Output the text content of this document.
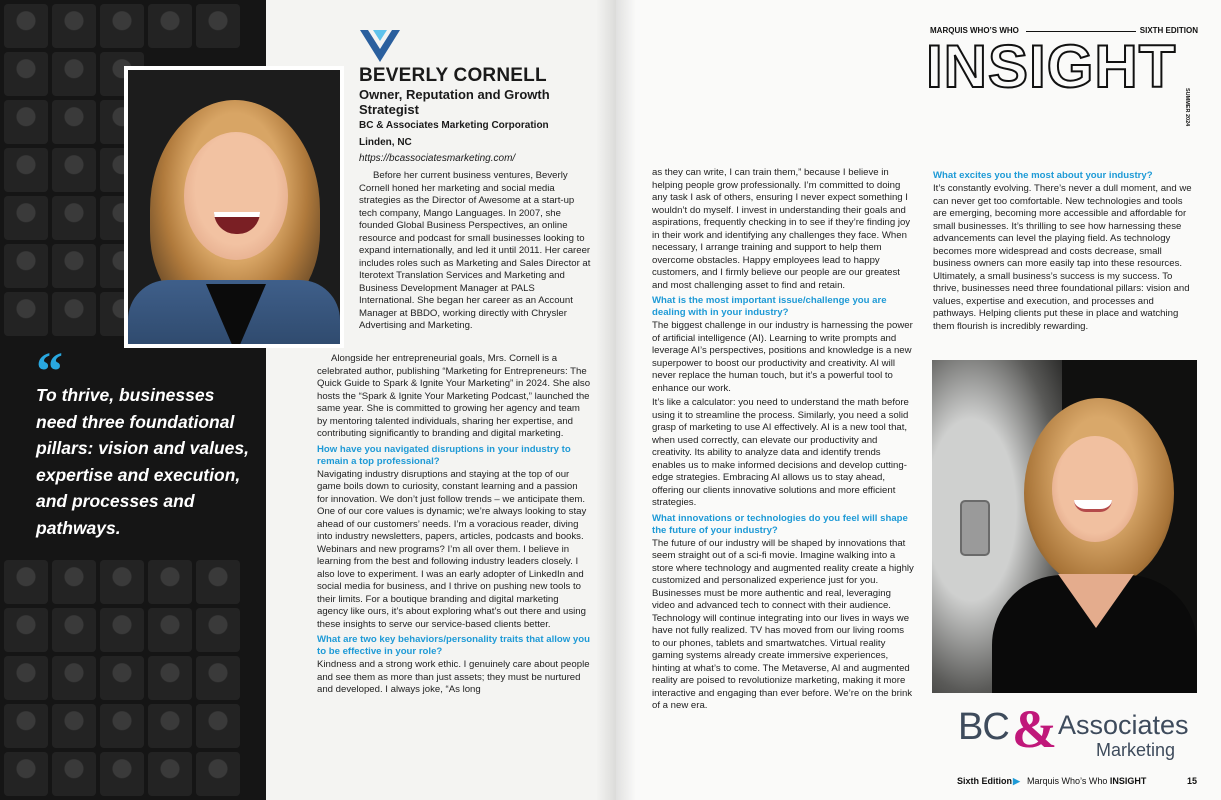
“

To thrive, businesses need three foundational pillars: vision and values, expertise and execution, and processes and pathways.

BEVERLY CORNELL
Owner, Reputation and Growth Strategist
BC & Associates Marketing Corporation
Linden, NC
https://bcassociatesmarketing.com/

Before her current business ventures, Beverly Cornell honed her marketing and social media strategies as the Director of Awesome at a start-up tech company, Mango Languages. In 2007, she founded Global Business Perspectives, an online resource and podcast for small businesses looking to expand internationally, and led it until 2011. Her career includes roles such as Marketing and Sales Director at Iterotext Translation Services and Marketing and Business Development Manager at PALS International. She began her career as an Account Manager at BBDO, working directly with Chrysler Advertising and Marketing.

Alongside her entrepreneurial goals, Mrs. Cornell is a celebrated author, publishing “Marketing for Entrepreneurs: The Quick Guide to Spark & Ignite Your Marketing” in 2024. She also hosts the “Spark & Ignite Your Marketing Podcast,” launched the same year. She is committed to growing her agency and team by mentoring talented individuals, sharing her expertise, and contributing significantly to branding and digital marketing.

How have you navigated disruptions in your industry to remain a top professional?

Navigating industry disruptions and staying at the top of our game boils down to curiosity, constant learning and a passion for innovation. We don’t just follow trends – we anticipate them. One of our core values is dynamic; we’re always looking to stay ahead of our customers’ needs. I’m a voracious reader, diving into industry newsletters, papers, articles, podcasts and books. Webinars and new programs? I’m all over them. I believe in learning from the best and following industry leaders closely. I also love to experiment. I was an early adopter of LinkedIn and social media for business, and I thrive on pushing new tools to their limits. For a boutique branding and digital marketing agency like ours, it’s about exploring what’s out there and using these insights to serve our service-based clients better.

What are two key behaviors/personality traits that allow you to be effective in your role?

Kindness and a strong work ethic. I genuinely care about people and see them as more than just assets; they must be nurtured and developed. I always joke, “As long

as they can write, I can train them,” because I believe in helping people grow professionally. I’m committed to doing any task I ask of others, ensuring I never expect something I wouldn’t do myself. I invest in understanding their goals and aspirations, frequently checking in to see if they’re finding joy in their work and identifying any challenges they face. When necessary, I arrange training and support to help them overcome obstacles. Happy employees lead to happy customers, and I firmly believe our people are our greatest and most challenging asset to find and retain.

What is the most important issue/challenge you are dealing with in your industry?

The biggest challenge in our industry is harnessing the power of artificial intelligence (AI). Learning to write prompts and leverage AI’s perspectives, positions and knowledge is a new superpower to boost our productivity and creativity. AI will never replace the human touch, but it’s a powerful tool to enhance our work.

It’s like a calculator: you need to understand the math before using it to streamline the process. Similarly, you need a solid grasp of marketing to use AI effectively. AI is a new tool that, when used correctly, can elevate our productivity and creativity. Its ability to analyze data and identify trends enables us to make informed decisions and develop cutting-edge strategies. Embracing AI allows us to stay ahead, offering our clients innovative solutions and more efficient strategies.

What innovations or technologies do you feel will shape the future of your industry?

The future of our industry will be shaped by innovations that seem straight out of a sci-fi movie. Imagine walking into a store where technology and augmented reality create a highly customized and personalized experience just for you. Businesses must be more authentic and real, leveraging video and advanced tech to connect with their audience. Technology will continue integrating into our lives in ways we have not fully realized. TV has moved from our living rooms to our phones, tablets and smartwatches. Virtual reality gaming systems already create immersive experiences, hinting at what’s to come. The Metaverse, AI and augmented reality are poised to revolutionize marketing, making it more interactive and engaging than ever before. We’re on the brink of a new era.

What excites you the most about your industry?

It’s constantly evolving. There’s never a dull moment, and we can never get too comfortable. New technologies and tools are emerging, becoming more accessible and affordable for small businesses. It’s thrilling to see how harnessing these advancements can level the playing field. As technology becomes more widespread and costs decrease, small business owners can more easily tap into these resources. Ultimately, a small business’s success is my success. To thrive, businesses need three foundational pillars: vision and values, expertise and execution, and processes and pathways. Helping clients put these in place and watching them flourish is incredibly rewarding.

MARQUIS WHO’S WHO	SIXTH EDITION
INSIGHT
SUMMER 2024
BC & Associates
Marketing
Sixth Edition ▶ Marquis Who’s Who INSIGHT	15
